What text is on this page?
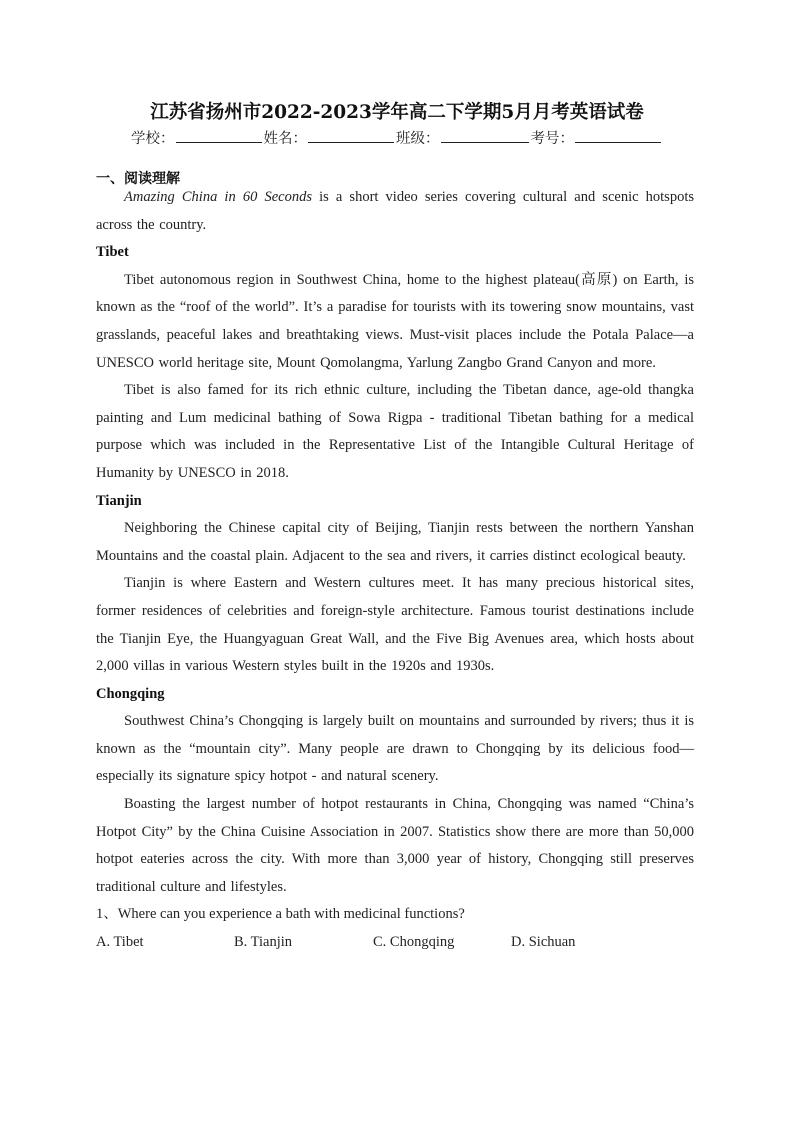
江苏省扬州市2022-2023学年高二下学期5月月考英语试卷
学校：	姓名：	班级：	考号：
一、阅读理解

Amazing China in 60 Seconds is a short video series covering cultural and scenic hotspots across the country.

Tibet

Tibet autonomous region in Southwest China, home to the highest plateau(高原) on Earth, is known as the “roof of the world”. It’s a paradise for tourists with its towering snow mountains, vast grasslands, peaceful lakes and breathtaking views. Must-visit places include the Potala Palace—a UNESCO world heritage site, Mount Qomolangma, Yarlung Zangbo Grand Canyon and more.

Tibet is also famed for its rich ethnic culture, including the Tibetan dance, age-old thangka painting and Lum medicinal bathing of Sowa Rigpa - traditional Tibetan bathing for a medical purpose which was included in the Representative List of the Intangible Cultural Heritage of Humanity by UNESCO in 2018.

Tianjin

Neighboring the Chinese capital city of Beijing, Tianjin rests between the northern Yanshan Mountains and the coastal plain. Adjacent to the sea and rivers, it carries distinct ecological beauty.

Tianjin is where Eastern and Western cultures meet. It has many precious historical sites, former residences of celebrities and foreign-style architecture. Famous tourist destinations include the Tianjin Eye, the Huangyaguan Great Wall, and the Five Big Avenues area, which hosts about 2,000 villas in various Western styles built in the 1920s and 1930s.

Chongqing

Southwest China’s Chongqing is largely built on mountains and surrounded by rivers; thus it is known as the “mountain city”. Many people are drawn to Chongqing by its delicious food—especially its signature spicy hotpot - and natural scenery.

Boasting the largest number of hotpot restaurants in China, Chongqing was named “China’s Hotpot City” by the China Cuisine Association in 2007. Statistics show there are more than 50,000 hotpot eateries across the city. With more than 3,000 year of history, Chongqing still preserves traditional culture and lifestyles.

1、Where can you experience a bath with medicinal functions?

A. Tibet	B. Tianjin	C. Chongqing	D. Sichuan
